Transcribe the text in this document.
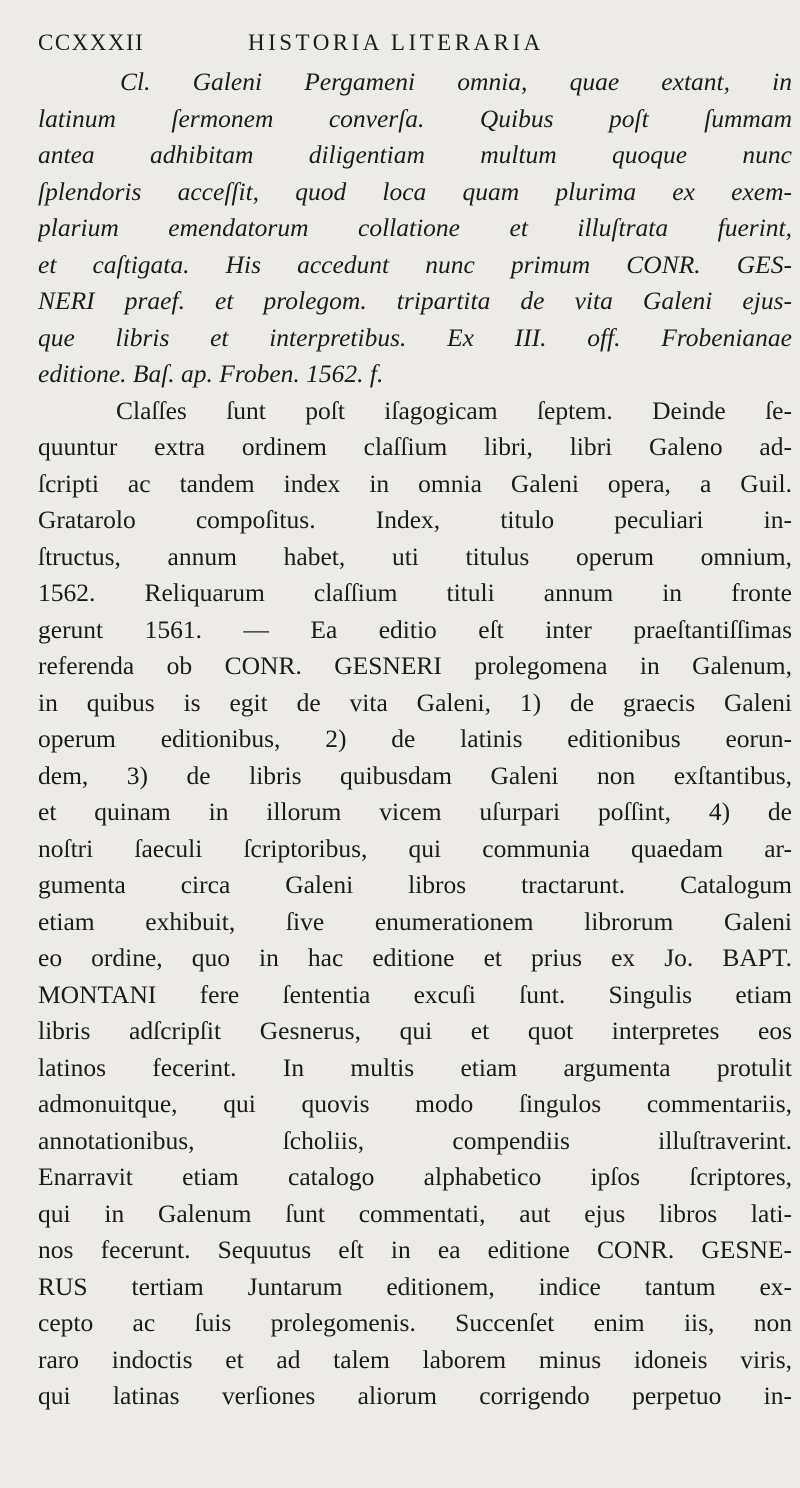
CCXXXII	HISTORIA LITERARIA
Cl. Galeni Pergameni omnia, quae extant, in
latinum ſermonem converſa. Quibus poſt ſummam
antea adhibitam diligentiam multum quoque nunc
ſplendoris acceſſit, quod loca quam plurima ex exem-
plarium emendatorum collatione et illuſtrata fuerint,
et caſtigata. His accedunt nunc primum CONR. GES-
NERI praef. et prolegom. tripartita de vita Galeni ejus-
que libris et interpretibus. Ex III. off. Frobenianae
editione. Baſ. ap. Froben. 1562. f.
Claſſes ſunt poſt iſagogicam ſeptem. Deinde ſe-
quuntur extra ordinem claſſium libri, libri Galeno ad-
ſcripti ac tandem index in omnia Galeni opera, a Guil.
Gratarolo compoſitus. Index, titulo peculiari in-
ſtructus, annum habet, uti titulus operum omnium,
1562. Reliquarum claſſium tituli annum in fronte
gerunt 1561. — Ea editio eſt inter praeſtantiſſimas
referenda ob CONR. GESNERI prolegomena in Galenum,
in quibus is egit de vita Galeni, 1) de graecis Galeni
operum editionibus, 2) de latinis editionibus eorun-
dem, 3) de libris quibusdam Galeni non exſtantibus,
et quinam in illorum vicem uſurpari poſſint, 4) de
noſtri ſaeculi ſcriptoribus, qui communia quaedam ar-
gumenta circa Galeni libros tractarunt. Catalogum
etiam exhibuit, ſive enumerationem librorum Galeni
eo ordine, quo in hac editione et prius ex Jo. BAPT.
MONTANI fere ſententia excuſi ſunt. Singulis etiam
libris adſcripſit Gesnerus, qui et quot interpretes eos
latinos fecerint. In multis etiam argumenta protulit
admonuitque, qui quovis modo ſingulos commentariis,
annotationibus, ſcholiis, compendiis illuſtraverint.
Enarravit etiam catalogo alphabetico ipſos ſcriptores,
qui in Galenum ſunt commentati, aut ejus libros lati-
nos fecerunt. Sequutus eſt in ea editione CONR. GESNE-
RUS tertiam Juntarum editionem, indice tantum ex-
cepto ac ſuis prolegomenis. Succenſet enim iis, non
raro indoctis et ad talem laborem minus idoneis viris,
qui latinas verſiones aliorum corrigendo perpetuo in-
